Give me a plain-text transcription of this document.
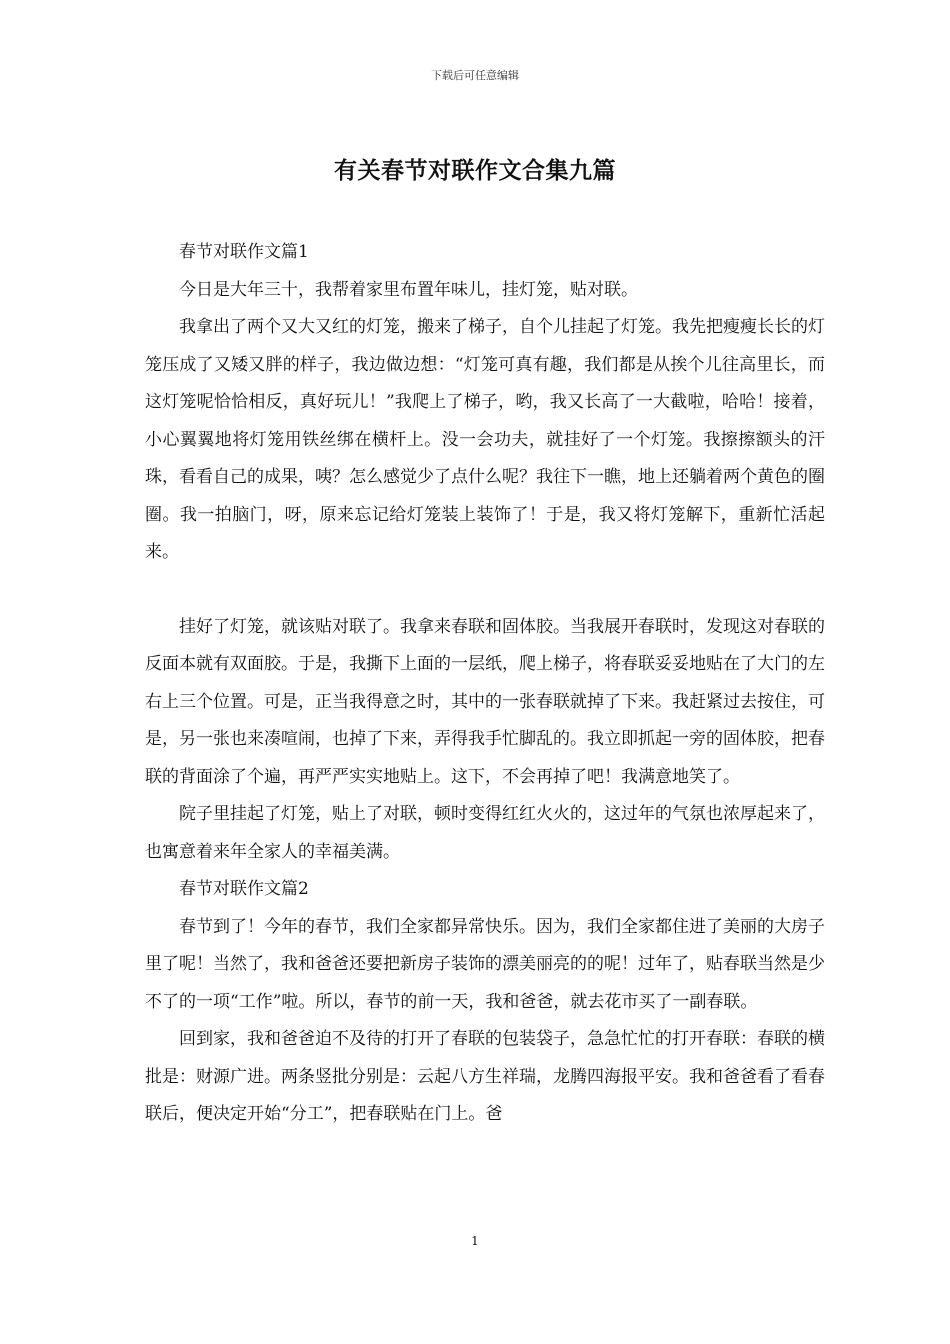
下载后可任意编辑
有关春节对联作文合集九篇

春节对联作文篇1

今日是大年三十，我帮着家里布置年味儿，挂灯笼，贴对联。

我拿出了两个又大又红的灯笼，搬来了梯子，自个儿挂起了灯笼。我先把瘦瘦长长的灯笼压成了又矮又胖的样子，我边做边想：“灯笼可真有趣，我们都是从挨个儿往高里长，而这灯笼呢恰恰相反，真好玩儿！”我爬上了梯子，哟，我又长高了一大截啦，哈哈！接着，小心翼翼地将灯笼用铁丝绑在横杆上。没一会功夫，就挂好了一个灯笼。我擦擦额头的汗珠，看看自己的成果，咦？怎么感觉少了点什么呢？我往下一瞧，地上还躺着两个黄色的圈圈。我一拍脑门，呀，原来忘记给灯笼装上装饰了！于是，我又将灯笼解下，重新忙活起来。

挂好了灯笼，就该贴对联了。我拿来春联和固体胶。当我展开春联时，发现这对春联的反面本就有双面胶。于是，我撕下上面的一层纸，爬上梯子，将春联妥妥地贴在了大门的左右上三个位置。可是，正当我得意之时，其中的一张春联就掉了下来。我赶紧过去按住，可是，另一张也来凑喧闹，也掉了下来，弄得我手忙脚乱的。我立即抓起一旁的固体胶，把春联的背面涂了个遍，再严严实实地贴上。这下，不会再掉了吧！我满意地笑了。

院子里挂起了灯笼，贴上了对联，顿时变得红红火火的，这过年的气氛也浓厚起来了，也寓意着来年全家人的幸福美满。

春节对联作文篇2

春节到了！今年的春节，我们全家都异常快乐。因为，我们全家都住进了美丽的大房子里了呢！当然了，我和爸爸还要把新房子装饰的漂美丽亮的的呢！过年了，贴春联当然是少不了的一项“工作”啦。所以，春节的前一天，我和爸爸，就去花市买了一副春联。

回到家，我和爸爸迫不及待的打开了春联的包装袋子，急急忙忙的打开春联：春联的横批是：财源广进。两条竖批分别是：云起八方生祥瑞，龙腾四海报平安。我和爸爸看了看春联后，便决定开始“分工”，把春联贴在门上。爸

1
